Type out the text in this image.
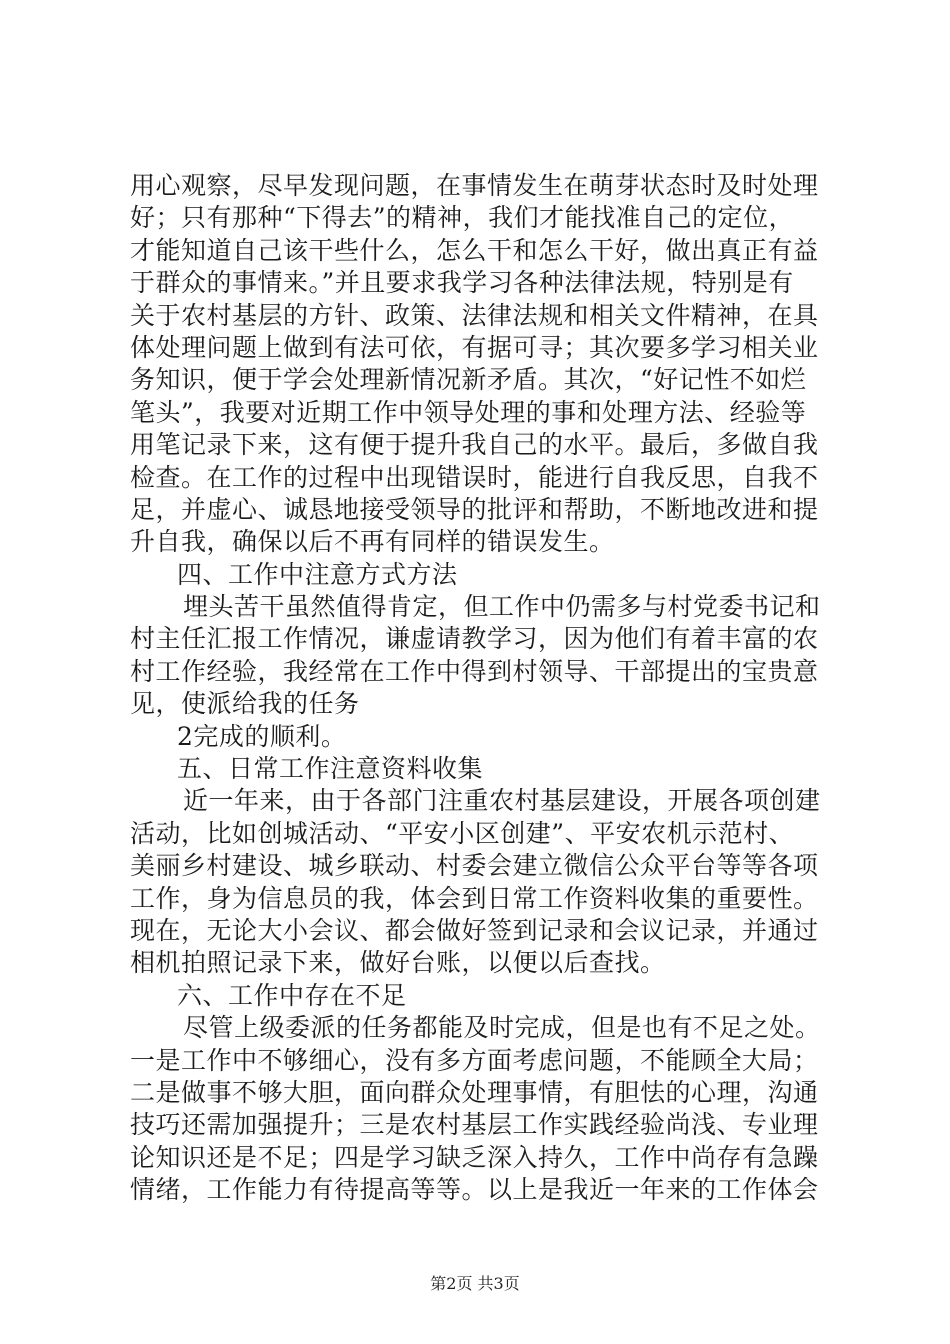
用心观察，尽早发现问题，在事情发生在萌芽状态时及时处理
好；只有那种“下得去”的精神，我们才能找准自己的定位，
才能知道自己该干些什么，怎么干和怎么干好，做出真正有益
于群众的事情来。”并且要求我学习各种法律法规，特别是有
关于农村基层的方针、政策、法律法规和相关文件精神，在具
体处理问题上做到有法可依，有据可寻；其次要多学习相关业
务知识，便于学会处理新情况新矛盾。其次，“好记性不如烂
笔头”，我要对近期工作中领导处理的事和处理方法、经验等
用笔记录下来，这有便于提升我自己的水平。最后，多做自我
检查。在工作的过程中出现错误时，能进行自我反思，自我不
足，并虚心、诚恳地接受领导的批评和帮助，不断地改进和提
升自我，确保以后不再有同样的错误发生。
四、工作中注意方式方法
埋头苦干虽然值得肯定，但工作中仍需多与村党委书记和
村主任汇报工作情况，谦虚请教学习，因为他们有着丰富的农
村工作经验，我经常在工作中得到村领导、干部提出的宝贵意
见，使派给我的任务
2完成的顺利。
五、日常工作注意资料收集
近一年来，由于各部门注重农村基层建设，开展各项创建
活动，比如创城活动、“平安小区创建”、平安农机示范村、
美丽乡村建设、城乡联动、村委会建立微信公众平台等等各项
工作，身为信息员的我，体会到日常工作资料收集的重要性。
现在，无论大小会议、都会做好签到记录和会议记录，并通过
相机拍照记录下来，做好台账，以便以后查找。
六、工作中存在不足
尽管上级委派的任务都能及时完成，但是也有不足之处。
一是工作中不够细心，没有多方面考虑问题，不能顾全大局；
二是做事不够大胆，面向群众处理事情，有胆怯的心理，沟通
技巧还需加强提升；三是农村基层工作实践经验尚浅、专业理
论知识还是不足；四是学习缺乏深入持久，工作中尚存有急躁
情绪，工作能力有待提高等等。以上是我近一年来的工作体会
第2页 共3页
